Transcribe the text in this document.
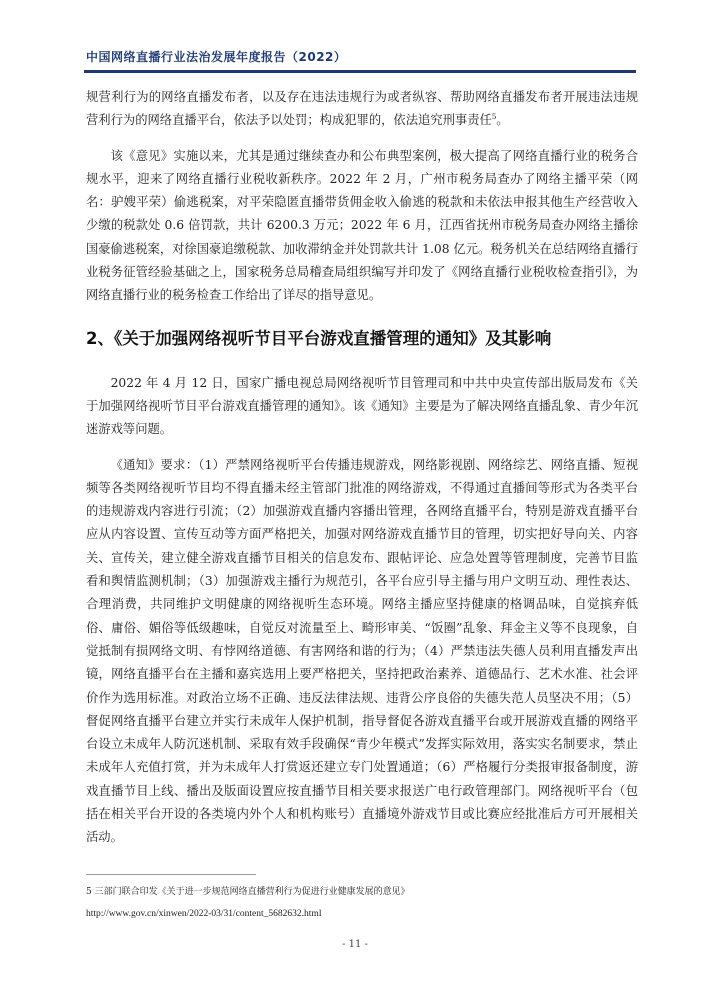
中国网络直播行业法治发展年度报告（2022）

规营利行为的网络直播发布者，以及存在违法违规行为或者纵容、帮助网络直播发布者开展违法违规营利行为的网络直播平台，依法予以处罚；构成犯罪的，依法追究刑事责任$^5$。

该《意见》实施以来，尤其是通过继续查办和公布典型案例，极大提高了网络直播行业的税务合规水平，迎来了网络直播行业税收新秩序。2022 年 2 月，广州市税务局查办了网络主播平荣（网名：驴嫂平荣）偷逃税案，对平荣隐匿直播带货佣金收入偷逃的税款和未依法申报其他生产经营收入少缴的税款处 0.6 倍罚款，共计 6200.3 万元；2022 年 6 月，江西省抚州市税务局查办网络主播徐国豪偷逃税案，对徐国豪追缴税款、加收滞纳金并处罚款共计 1.08 亿元。税务机关在总结网络直播行业税务征管经验基础之上，国家税务总局稽查局组织编写并印发了《网络直播行业税收检查指引》，为网络直播行业的税务检查工作给出了详尽的指导意见。

2、《关于加强网络视听节目平台游戏直播管理的通知》及其影响

2022 年 4 月 12 日，国家广播电视总局网络视听节目管理司和中共中央宣传部出版局发布《关于加强网络视听节目平台游戏直播管理的通知》。该《通知》主要是为了解决网络直播乱象、青少年沉迷游戏等问题。

《通知》要求：（1）严禁网络视听平台传播违规游戏，网络影视剧、网络综艺、网络直播、短视频等各类网络视听节目均不得直播未经主管部门批准的网络游戏，不得通过直播间等形式为各类平台的违规游戏内容进行引流；（2）加强游戏直播内容播出管理，各网络直播平台，特别是游戏直播平台应从内容设置、宣传互动等方面严格把关，加强对网络游戏直播节目的管理，切实把好导向关、内容关、宣传关，建立健全游戏直播节目相关的信息发布、跟帖评论、应急处置等管理制度，完善节目监看和舆情监测机制；（3）加强游戏主播行为规范引，各平台应引导主播与用户文明互动、理性表达、合理消费，共同维护文明健康的网络视听生态环境。网络主播应坚持健康的格调品味，自觉摈弃低俗、庸俗、媚俗等低级趣味，自觉反对流量至上、畸形审美、“饭圈”乱象、拜金主义等不良现象，自觉抵制有损网络文明、有悖网络道德、有害网络和谐的行为；（4）严禁违法失德人员利用直播发声出镜，网络直播平台在主播和嘉宾选用上要严格把关，坚持把政治素养、道德品行、艺术水准、社会评价作为选用标准。对政治立场不正确、违反法律法规、违背公序良俗的失德失范人员坚决不用；（5）督促网络直播平台建立并实行未成年人保护机制，指导督促各游戏直播平台或开展游戏直播的网络平台设立未成年人防沉迷机制、采取有效手段确保“青少年模式”发挥实际效用，落实实名制要求，禁止未成年人充值打赏，并为未成年人打赏返还建立专门处置通道；（6）严格履行分类报审报备制度，游戏直播节目上线、播出及版面设置应按直播节目相关要求报送广电行政管理部门。网络视听平台（包括在相关平台开设的各类境内外个人和机构账号）直播境外游戏节目或比赛应经批准后方可开展相关活动。

5 三部门联合印发《关于进一步规范网络直播营利行为促进行业健康发展的意见》
http://www.gov.cn/xinwen/2022-03/31/content_5682632.html
- 11 -
